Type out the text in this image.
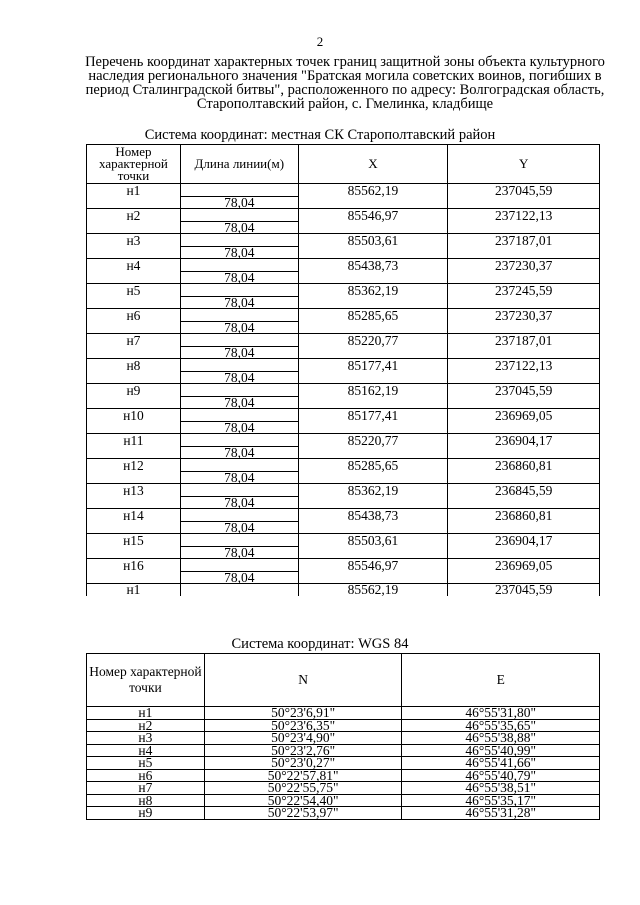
2
Перечень координат характерных точек границ защитной зоны объекта культурного наследия регионального значения "Братская могила советских воинов, погибших в период Сталинградской битвы", расположенного по адресу: Волгоградская область, Старополтавский район, с. Гмелинка, кладбище
Система координат: местная СК Старополтавский район
Номер характерной точки	Длина линии(м)	X	Y
н1		85562,19	237045,59
	78,04		
н2		85546,97	237122,13
	78,04		
н3		85503,61	237187,01
	78,04		
н4		85438,73	237230,37
	78,04		
н5		85362,19	237245,59
	78,04		
н6		85285,65	237230,37
	78,04		
н7		85220,77	237187,01
	78,04		
н8		85177,41	237122,13
	78,04		
н9		85162,19	237045,59
	78,04		
н10		85177,41	236969,05
	78,04		
н11		85220,77	236904,17
	78,04		
н12		85285,65	236860,81
	78,04		
н13		85362,19	236845,59
	78,04		
н14		85438,73	236860,81
	78,04		
н15		85503,61	236904,17
	78,04		
н16		85546,97	236969,05
	78,04		
н1		85562,19	237045,59
Система координат: WGS 84
Номер характерной точки	N	E
н1	50°23'6,91"	46°55'31,80"
н2	50°23'6,35"	46°55'35,65"
н3	50°23'4,90"	46°55'38,88"
н4	50°23'2,76"	46°55'40,99"
н5	50°23'0,27"	46°55'41,66"
н6	50°22'57,81"	46°55'40,79"
н7	50°22'55,75"	46°55'38,51"
н8	50°22'54,40"	46°55'35,17"
н9	50°22'53,97"	46°55'31,28"
